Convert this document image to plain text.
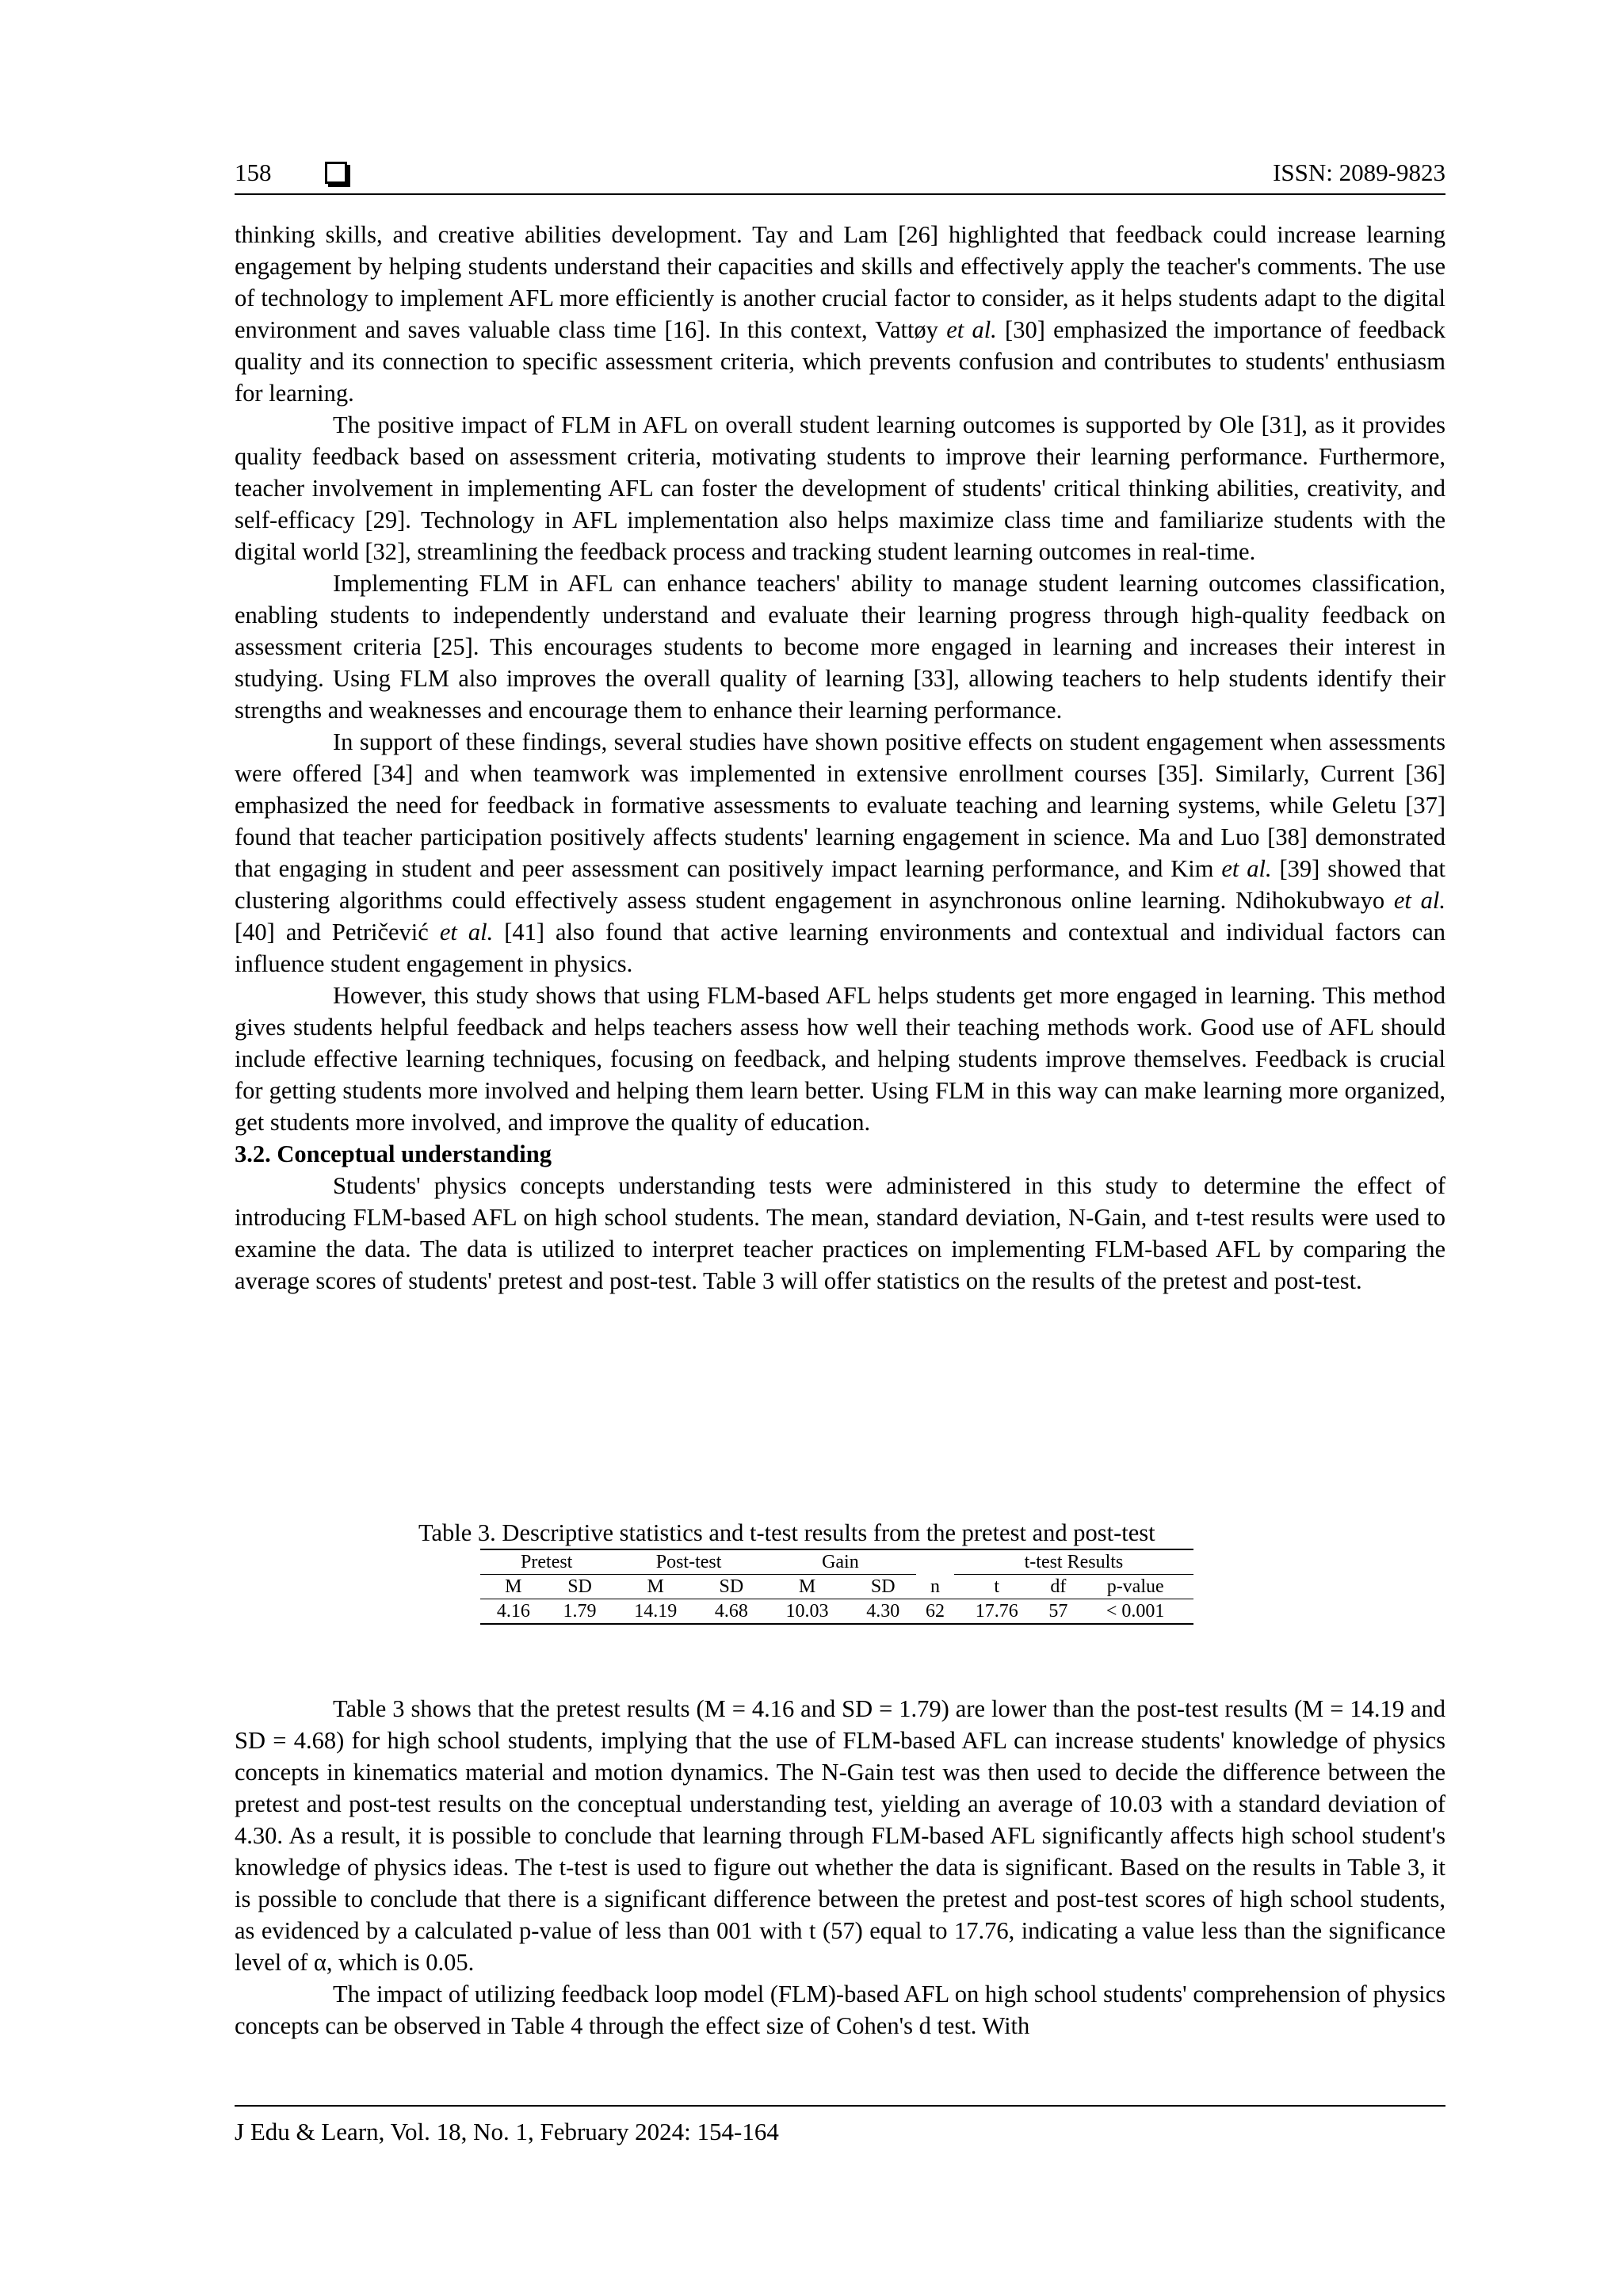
158	ISSN: 2089-9823

thinking skills, and creative abilities development. Tay and Lam [26] highlighted that feedback could increase learning engagement by helping students understand their capacities and skills and effectively apply the teacher's comments. The use of technology to implement AFL more efficiently is another crucial factor to consider, as it helps students adapt to the digital environment and saves valuable class time [16]. In this context, Vattøy et al. [30] emphasized the importance of feedback quality and its connection to specific assessment criteria, which prevents confusion and contributes to students' enthusiasm for learning.

The positive impact of FLM in AFL on overall student learning outcomes is supported by Ole [31], as it provides quality feedback based on assessment criteria, motivating students to improve their learning performance. Furthermore, teacher involvement in implementing AFL can foster the development of students' critical thinking abilities, creativity, and self-efficacy [29]. Technology in AFL implementation also helps maximize class time and familiarize students with the digital world [32], streamlining the feedback process and tracking student learning outcomes in real-time.

Implementing FLM in AFL can enhance teachers' ability to manage student learning outcomes classification, enabling students to independently understand and evaluate their learning progress through high-quality feedback on assessment criteria [25]. This encourages students to become more engaged in learning and increases their interest in studying. Using FLM also improves the overall quality of learning [33], allowing teachers to help students identify their strengths and weaknesses and encourage them to enhance their learning performance.

In support of these findings, several studies have shown positive effects on student engagement when assessments were offered [34] and when teamwork was implemented in extensive enrollment courses [35]. Similarly, Current [36] emphasized the need for feedback in formative assessments to evaluate teaching and learning systems, while Geletu [37] found that teacher participation positively affects students' learning engagement in science. Ma and Luo [38] demonstrated that engaging in student and peer assessment can positively impact learning performance, and Kim et al. [39] showed that clustering algorithms could effectively assess student engagement in asynchronous online learning. Ndihokubwayo et al. [40] and Petričević et al. [41] also found that active learning environments and contextual and individual factors can influence student engagement in physics.

However, this study shows that using FLM-based AFL helps students get more engaged in learning. This method gives students helpful feedback and helps teachers assess how well their teaching methods work. Good use of AFL should include effective learning techniques, focusing on feedback, and helping students improve themselves. Feedback is crucial for getting students more involved and helping them learn better. Using FLM in this way can make learning more organized, get students more involved, and improve the quality of education.

3.2. Conceptual understanding

Students' physics concepts understanding tests were administered in this study to determine the effect of introducing FLM-based AFL on high school students. The mean, standard deviation, N-Gain, and t-test results were used to examine the data. The data is utilized to interpret teacher practices on implementing FLM-based AFL by comparing the average scores of students' pretest and post-test. Table 3 will offer statistics on the results of the pretest and post-test.

Table 3. Descriptive statistics and t-test results from the pretest and post-test
Pretest		Post-test		Gain			t-test Results		
M	SD	M	SD	M	SD	n	t	df	p-value
4.16	1.79	14.19	4.68	10.03	4.30	62	17.76	57	< 0.001

Table 3 shows that the pretest results (M = 4.16 and SD = 1.79) are lower than the post-test results (M = 14.19 and SD = 4.68) for high school students, implying that the use of FLM-based AFL can increase students' knowledge of physics concepts in kinematics material and motion dynamics. The N-Gain test was then used to decide the difference between the pretest and post-test results on the conceptual understanding test, yielding an average of 10.03 with a standard deviation of 4.30. As a result, it is possible to conclude that learning through FLM-based AFL significantly affects high school student's knowledge of physics ideas. The t-test is used to figure out whether the data is significant. Based on the results in Table 3, it is possible to conclude that there is a significant difference between the pretest and post-test scores of high school students, as evidenced by a calculated p-value of less than 001 with t (57) equal to 17.76, indicating a value less than the significance level of α, which is 0.05.

The impact of utilizing feedback loop model (FLM)-based AFL on high school students' comprehension of physics concepts can be observed in Table 4 through the effect size of Cohen's d test. With

J Edu & Learn, Vol. 18, No. 1, February 2024: 154-164
